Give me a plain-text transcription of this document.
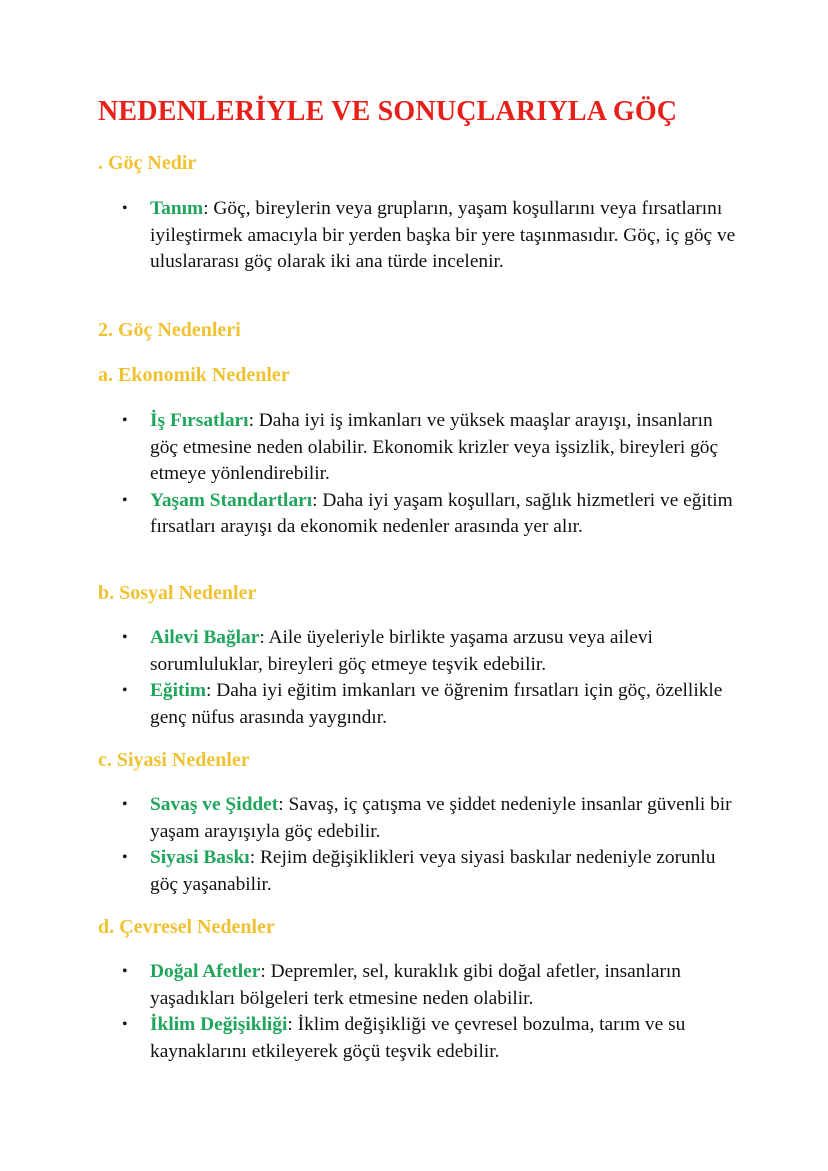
NEDENLERİYLE VE SONUÇLARIYLA GÖÇ
. Göç Nedir
• Tanım: Göç, bireylerin veya grupların, yaşam koşullarını veya fırsatlarını iyileştirmek amacıyla bir yerden başka bir yere taşınmasıdır. Göç, iç göç ve uluslararası göç olarak iki ana türde incelenir.
2. Göç Nedenleri
a. Ekonomik Nedenler
• İş Fırsatları: Daha iyi iş imkanları ve yüksek maaşlar arayışı, insanların göç etmesine neden olabilir. Ekonomik krizler veya işsizlik, bireyleri göç etmeye yönlendirebilir.
• Yaşam Standartları: Daha iyi yaşam koşulları, sağlık hizmetleri ve eğitim fırsatları arayışı da ekonomik nedenler arasında yer alır.
b. Sosyal Nedenler
• Ailevi Bağlar: Aile üyeleriyle birlikte yaşama arzusu veya ailevi sorumluluklar, bireyleri göç etmeye teşvik edebilir.
• Eğitim: Daha iyi eğitim imkanları ve öğrenim fırsatları için göç, özellikle genç nüfus arasında yaygındır.
c. Siyasi Nedenler
• Savaş ve Şiddet: Savaş, iç çatışma ve şiddet nedeniyle insanlar güvenli bir yaşam arayışıyla göç edebilir.
• Siyasi Baskı: Rejim değişiklikleri veya siyasi baskılar nedeniyle zorunlu göç yaşanabilir.
d. Çevresel Nedenler
• Doğal Afetler: Depremler, sel, kuraklık gibi doğal afetler, insanların yaşadıkları bölgeleri terk etmesine neden olabilir.
• İklim Değişikliği: İklim değişikliği ve çevresel bozulma, tarım ve su kaynaklarını etkileyerek göçü teşvik edebilir.
